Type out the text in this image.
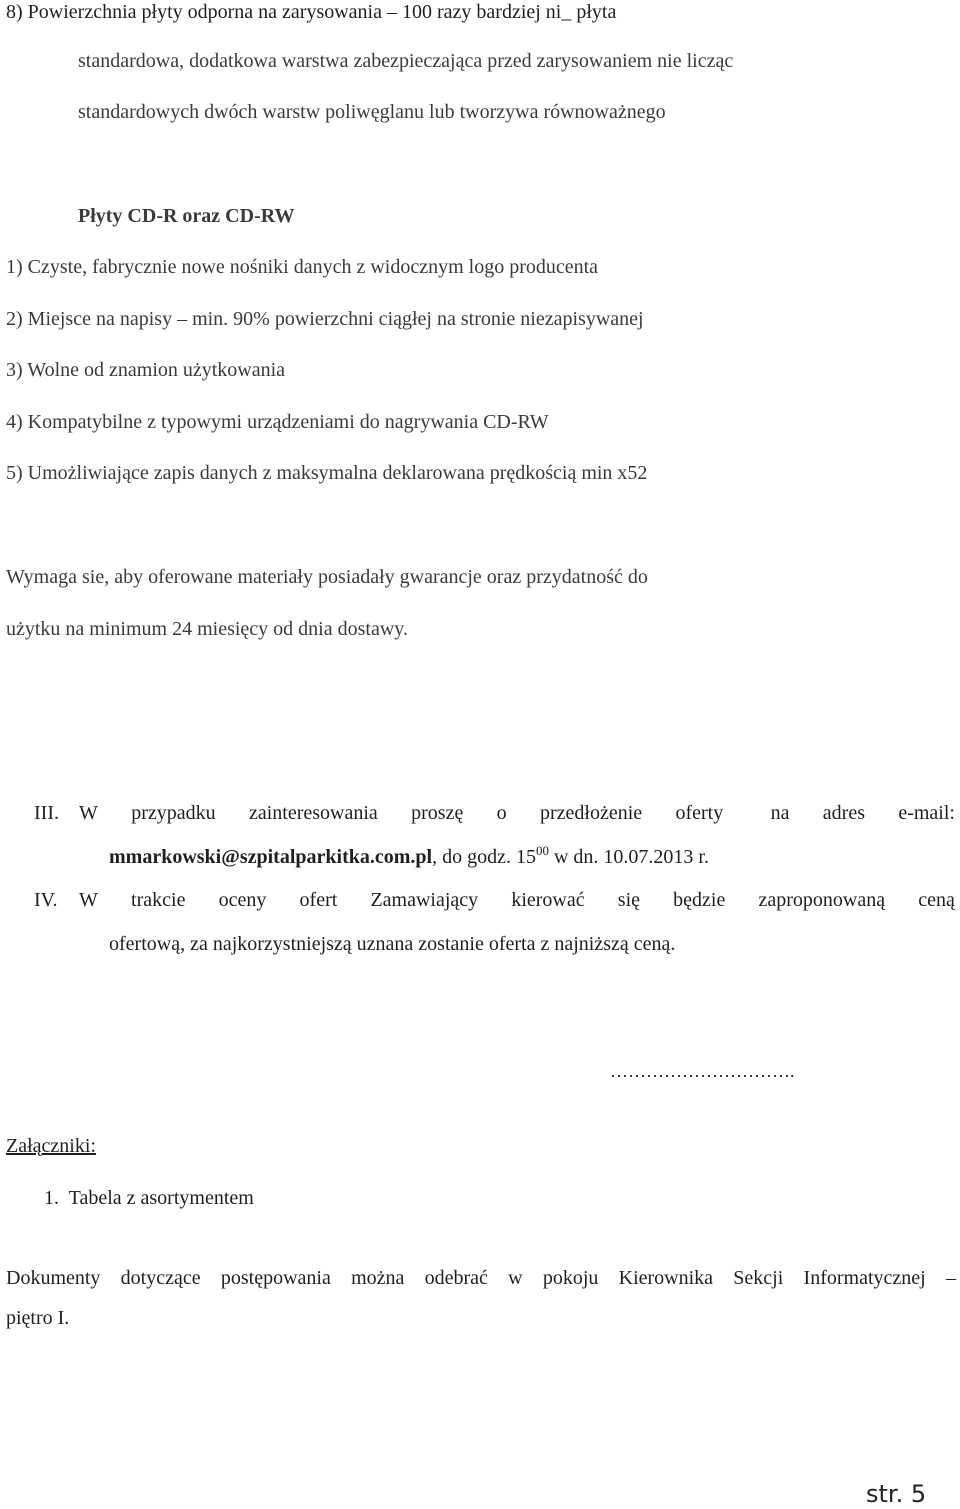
8) Powierzchnia płyty odporna na zarysowania – 100 razy bardziej ni_ płyta
standardowa, dodatkowa warstwa zabezpieczająca przed zarysowaniem nie licząc
standardowych dwóch warstw poliwęglanu lub tworzywa równoważnego
Płyty CD-R oraz CD-RW
1) Czyste, fabrycznie nowe nośniki danych z widocznym logo producenta
2) Miejsce na napisy – min. 90% powierzchni ciągłej na stronie niezapisywanej
3) Wolne od znamion użytkowania
4) Kompatybilne z typowymi urządzeniami do nagrywania CD-RW
5) Umożliwiające zapis danych z maksymalna deklarowana prędkością min x52
Wymaga sie, aby oferowane materiały posiadały gwarancje oraz przydatność do
użytku na minimum 24 miesięcy od dnia dostawy.
III. W przypadku zainteresowania proszę o przedłożenie oferty na adres e-mail:
mmarkowski@szpitalparkitka.com.pl, do godz. $15^{00}$ w dn. 10.07.2013 r.
IV. W trakcie oceny ofert Zamawiający kierować się będzie zaproponowaną ceną
ofertową, za najkorzystniejszą uznana zostanie oferta z najniższą ceną.
………………………….
Załączniki:
1.  Tabela z asortymentem
Dokumenty dotyczące postępowania można odebrać w pokoju Kierownika Sekcji Informatycznej –
piętro I.
str. 5
